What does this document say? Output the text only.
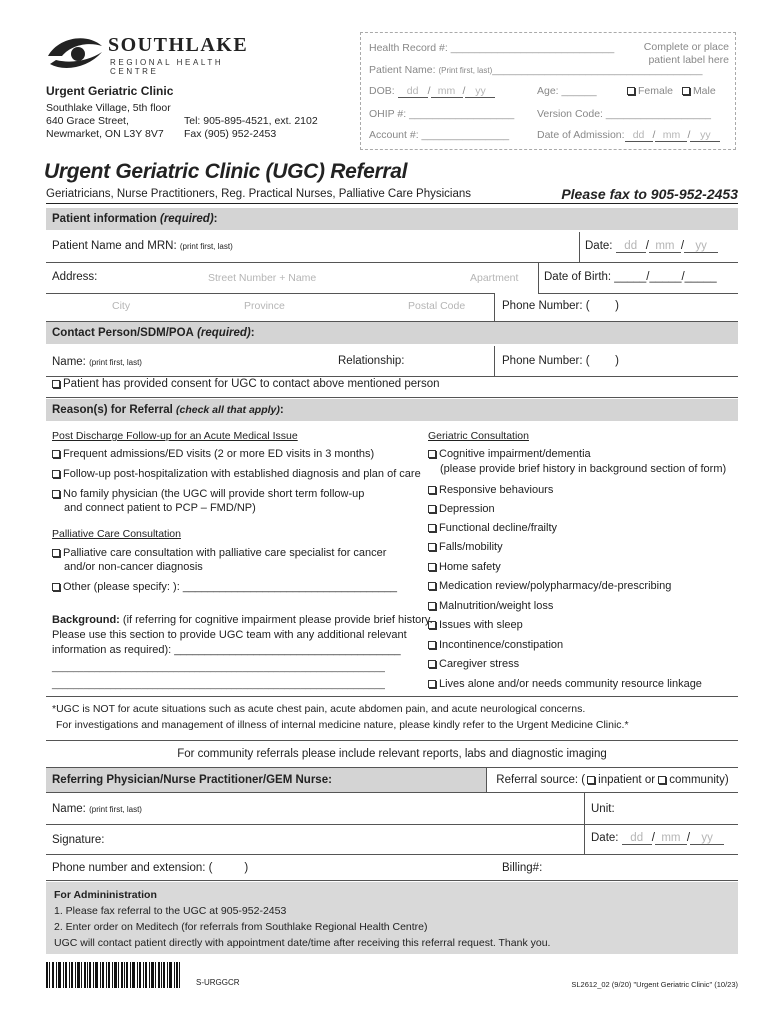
SOUTHLAKE
REGIONAL HEALTH CENTRE
Urgent Geriatric Clinic
Southlake Village, 5th floor
640 Grace Street,
Newmarket, ON L3Y 8V7
Tel: 905-895-4521, ext. 2102
Fax (905) 952-2453
Health Record #: ____________________________	Complete or place patient label here
Patient Name: (Print first, last)____________________________________
DOB: dd / mm / yy	Age: ______	Female Male
OHIP #: __________________ Version Code: __________________
Account #: _______________	Date of Admission: dd / mm / yy
Urgent Geriatric Clinic (UGC) Referral
Geriatricians, Nurse Practitioners, Reg. Practical Nurses, Palliative Care Physicians	Please fax to 905-952-2453
Patient information
(required) :
Patient Name and MRN: (print first, last)	Date: dd / mm / yy
Address:	Street Number + Name	Apartment Date of Birth: _____/_____/_____
City	Province	Postal Code	Phone Number: (        )
Contact Person/SDM/POA
(required) :
Name: (print first, last)	Relationship:	Phone Number: (        )
Patient has provided consent for UGC to contact above mentioned person
Reason(s) for Referral
(check all that apply) :
Post Discharge Follow-up for an Acute Medical Issue
Frequent admissions/ED visits (2 or more ED visits in 3 months)
Follow-up post-hospitalization with established diagnosis and plan of care
No family physician (the UGC will provide short term follow-up
and connect patient to PCP – FMD/NP)
Palliative Care Consultation
Palliative care consultation with palliative care specialist for cancer
and/or non-cancer diagnosis
Other (please specify: ): ___________________________________
Background: (if referring for cognitive impairment please provide brief history.
Please use this section to provide UGC team with any additional relevant
information as required): _____________________________________
_______________________________________________________________
_______________________________________________________________
Geriatric Consultation
Cognitive impairment/dementia
(please provide brief history in background section of form)
Responsive behaviours
Depression
Functional decline/frailty
Falls/mobility
Home safety
Medication review/polypharmacy/de-prescribing
Malnutrition/weight loss
Issues with sleep
Incontinence/constipation
Caregiver stress
Lives alone and/or needs community resource linkage
*UGC is NOT for acute situations such as acute chest pain, acute abdomen pain, and acute neurological concerns.
For investigations and management of illness of internal medicine nature, please kindly refer to the Urgent Medicine Clinic.*
For community referrals please include relevant reports, labs and diagnostic imaging
Referring Physician/Nurse Practitioner/GEM Nurse:	Referral source: ( inpatient or
community)
Name: (print first, last)	Unit:
Signature:	Date: dd / mm / yy
Phone number and extension: (          )	Billing#:
For Admininistration
1. Please fax referral to the UGC at 905-952-2453
2. Enter order on Meditech (for referrals from Southlake Regional Health Centre)
UGC will contact patient directly with appointment date/time after receiving this referral request. Thank you.
S-URGGCR	SL2612_02 (9/20) "Urgent Geriatric Clinic" (10/23)
